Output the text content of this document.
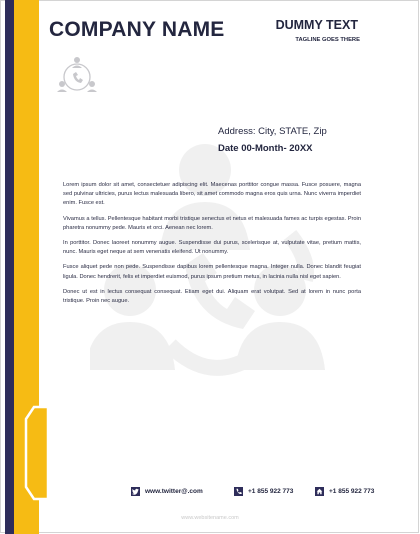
COMPANY NAME	DUMMY TEXT
TAGLINE GOES THERE
Address: City, STATE, Zip
Date 00-Month- 20XX

Lorem ipsum dolor sit amet, consectetuer adipiscing elit. Maecenas porttitor congue massa. Fusce posuere, magna sed pulvinar ultricies, purus lectus malesuada libero, sit amet commodo magna eros quis urna. Nunc viverra imperdiet enim. Fusce est.

Vivamus a tellus. Pellentesque habitant morbi tristique senectus et netus et malesuada fames ac turpis egestas. Proin pharetra nonummy pede. Mauris et orci. Aenean nec lorem.

In porttitor. Donec laoreet nonummy augue. Suspendisse dui purus, scelerisque at, vulputate vitae, pretium mattis, nunc. Mauris eget neque at sem venenatis eleifend. Ut nonummy.

Fusce aliquet pede non pede. Suspendisse dapibus lorem pellentesque magna. Integer nulla. Donec blandit feugiat ligula. Donec hendrerit, felis et imperdiet euismod, purus ipsum pretium metus, in lacinia nulla nisl eget sapien.

Donec ut est in lectus consequat consequat. Etiam eget dui. Aliquam erat volutpat. Sed at lorem in nunc porta tristique. Proin nec augue.

www.twitter@.com	+1 855 922 773	+1 855 922 773
www.websitename.com
